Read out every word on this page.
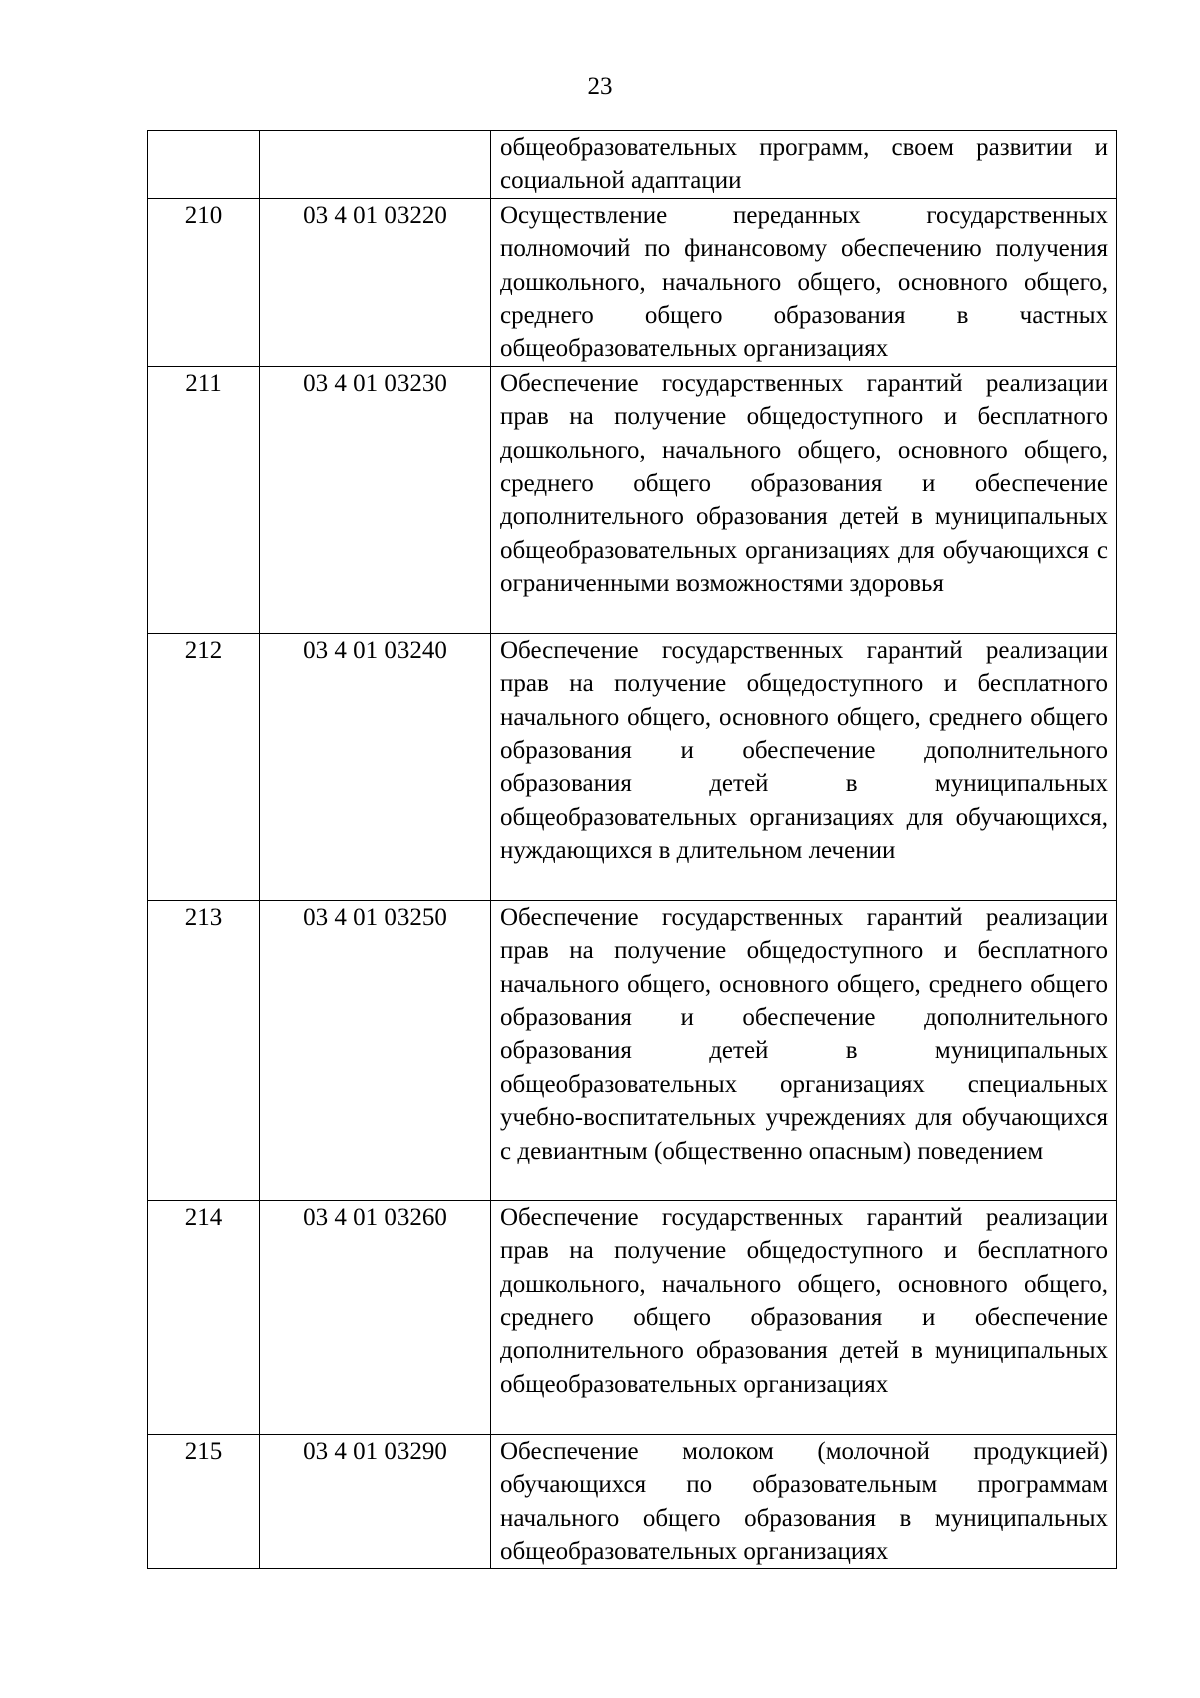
23

		общеобразовательных программ, своем развитии и социальной адаптации

210	03 4 01 03220	Осуществление переданных государственных полномочий по финансовому обеспечению получения дошкольного, начального общего, основного общего, среднего общего образования в частных общеобразовательных организациях

211	03 4 01 03230	Обеспечение государственных гарантий реализации прав на получение общедоступного и бесплатного дошкольного, начального общего, основного общего, среднего общего образования и обеспечение дополнительного образования детей в муниципальных общеобразовательных организациях для обучающихся с ограниченными возможностями здоровья

212	03 4 01 03240	Обеспечение государственных гарантий реализации прав на получение общедоступного и бесплатного начального общего, основного общего, среднего общего образования и обеспечение дополнительного образования детей в муниципальных общеобразовательных организациях для обучающихся, нуждающихся в длительном лечении

213	03 4 01 03250	Обеспечение государственных гарантий реализации прав на получение общедоступного и бесплатного начального общего, основного общего, среднего общего образования и обеспечение дополнительного образования детей в муниципальных общеобразовательных организациях специальных учебно-воспитательных учреждениях для обучающихся с девиантным (общественно опасным) поведением

214	03 4 01 03260	Обеспечение государственных гарантий реализации прав на получение общедоступного и бесплатного дошкольного, начального общего, основного общего, среднего общего образования и обеспечение дополнительного образования детей в муниципальных общеобразовательных организациях

215	03 4 01 03290	Обеспечение молоком (молочной продукцией) обучающихся по образовательным программам начального общего образования в муниципальных общеобразовательных организациях
